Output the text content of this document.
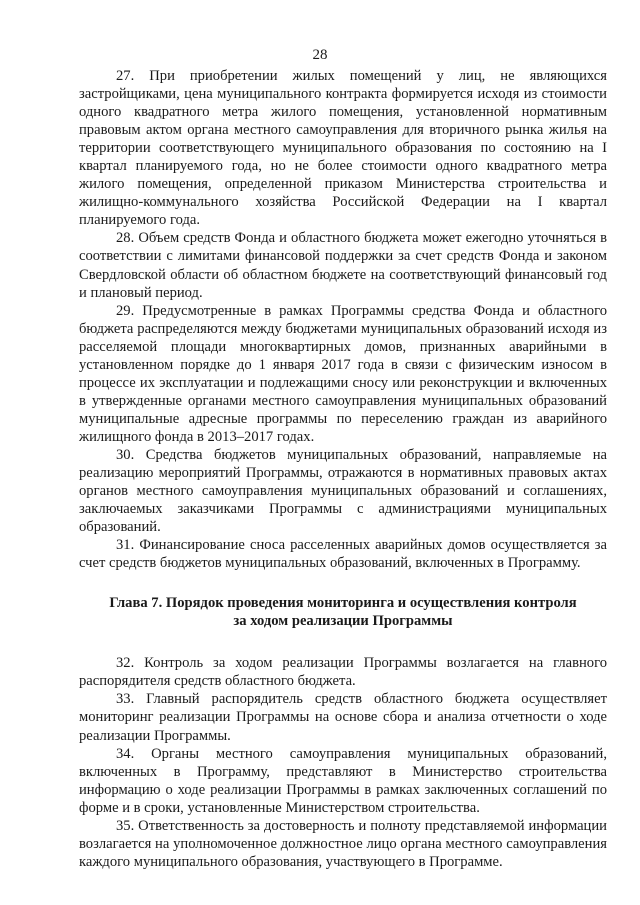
28

27. При приобретении жилых помещений у лиц, не являющихся застройщиками, цена муниципального контракта формируется исходя из стоимости одного квадратного метра жилого помещения, установленной нормативным правовым актом органа местного самоуправления для вторичного рынка жилья на территории соответствующего муниципального образования по состоянию на I квартал планируемого года, но не более стоимости одного квадратного метра жилого помещения, определенной приказом Министерства строительства и жилищно-коммунального хозяйства Российской Федерации на I квартал планируемого года.

28. Объем средств Фонда и областного бюджета может ежегодно уточняться в соответствии с лимитами финансовой поддержки за счет средств Фонда и законом Свердловской области об областном бюджете на соответствующий финансовый год и плановый период.

29. Предусмотренные в рамках Программы средства Фонда и областного бюджета распределяются между бюджетами муниципальных образований исходя из расселяемой площади многоквартирных домов, признанных аварийными в установленном порядке до 1 января 2017 года в связи с физическим износом в процессе их эксплуатации и подлежащими сносу или реконструкции и включенных в утвержденные органами местного самоуправления муниципальных образований муниципальные адресные программы по переселению граждан из аварийного жилищного фонда в 2013–2017 годах.

30. Средства бюджетов муниципальных образований, направляемые на реализацию мероприятий Программы, отражаются в нормативных правовых актах органов местного самоуправления муниципальных образований и соглашениях, заключаемых заказчиками Программы с администрациями муниципальных образований.

31. Финансирование сноса расселенных аварийных домов осуществляется за счет средств бюджетов муниципальных образований, включенных в Программу.

Глава 7. Порядок проведения мониторинга и осуществления контроля
за ходом реализации Программы

32. Контроль за ходом реализации Программы возлагается на главного распорядителя средств областного бюджета.

33. Главный распорядитель средств областного бюджета осуществляет мониторинг реализации Программы на основе сбора и анализа отчетности о ходе реализации Программы.

34. Органы местного самоуправления муниципальных образований, включенных в Программу, представляют в Министерство строительства информацию о ходе реализации Программы в рамках заключенных соглашений по форме и в сроки, установленные Министерством строительства.

35. Ответственность за достоверность и полноту представляемой информации возлагается на уполномоченное должностное лицо органа местного самоуправления каждого муниципального образования, участвующего в Программе.
